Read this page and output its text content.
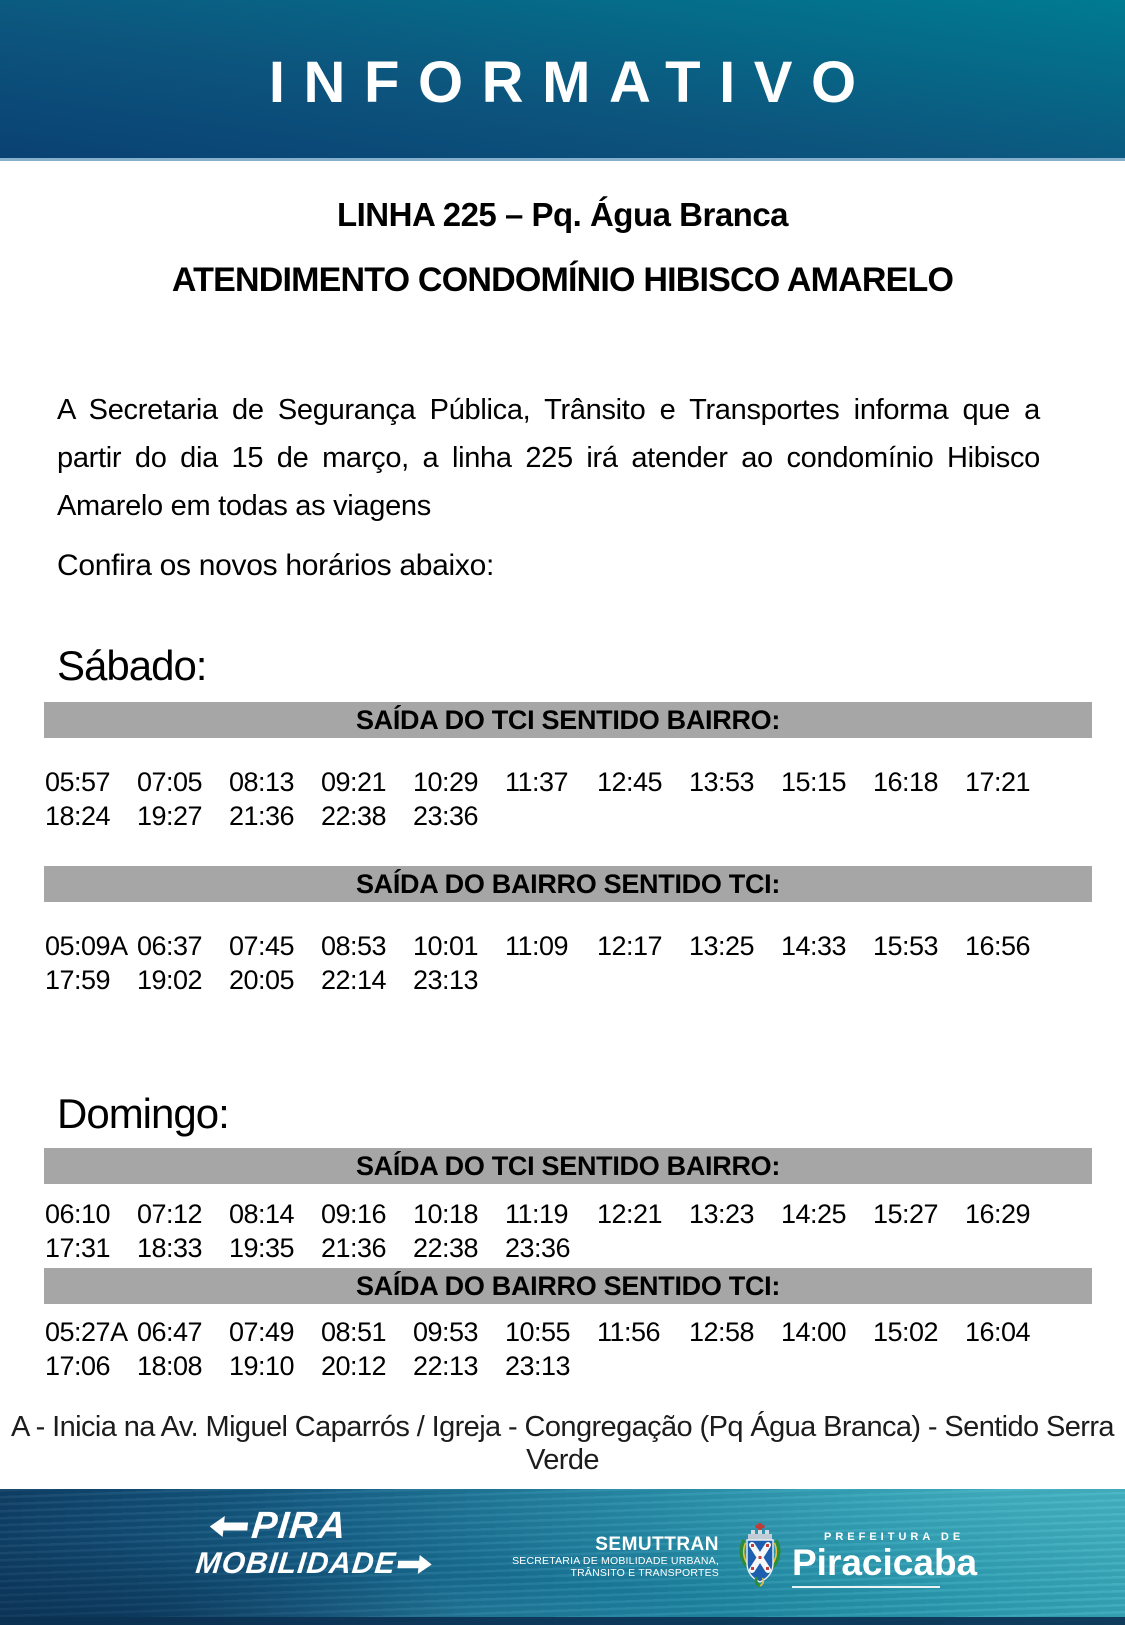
INFORMATIVO
LINHA 225 – Pq. Água Branca
ATENDIMENTO CONDOMÍNIO HIBISCO AMARELO
A Secretaria de Segurança Pública, Trânsito e Transportes informa que a partir do dia 15 de março, a linha 225 irá atender ao condomínio Hibisco Amarelo em todas as viagens
Confira os novos horários abaixo:
Sábado:
SAÍDA DO TCI SENTIDO BAIRRO:
05:57 07:05 08:13 09:21 10:29 11:37	12:45 13:53 15:15 16:18 17:21
18:24 19:27 21:36 22:38 23:36
SAÍDA DO BAIRRO SENTIDO TCI:
05:09A 06:37 07:45 08:53 10:01 11:09	12:17 13:25 14:33 15:53 16:56
17:59 19:02 20:05 22:14 23:13
Domingo:
SAÍDA DO TCI SENTIDO BAIRRO:
06:10 07:12 08:14 09:16 10:18 11:19	12:21 13:23 14:25 15:27 16:29
17:31 18:33 19:35 21:36 22:38 23:36
SAÍDA DO BAIRRO SENTIDO TCI:
05:27A 06:47 07:49 08:51 09:53 10:55 11:56	12:58 14:00 15:02 16:04
17:06 18:08 19:10 20:12 22:13 23:13
A - Inicia na Av. Miguel Caparrós / Igreja - Congregação (Pq Água Branca) - Sentido Serra Verde
PIRA
MOBILIDADE
SEMUTTRAN
SECRETARIA DE MOBILIDADE URBANA,
TRÂNSITO E TRANSPORTES
PREFEITURA DE
Piracicaba
